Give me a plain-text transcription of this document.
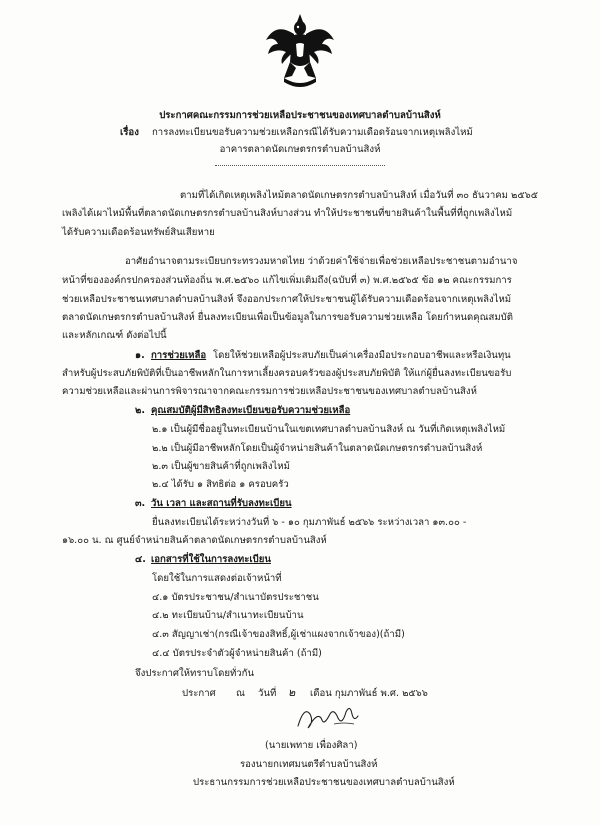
ประกาศคณะกรรมการช่วยเหลือประชาชนของเทศบาลตำบลบ้านสิงห์
เรื่อง การลงทะเบียนขอรับความช่วยเหลือกรณีได้รับความเดือดร้อนจากเหตุเพลิงไหม้
อาคารตลาดนัดเกษตรกรตำบลบ้านสิงห์
ตามที่ได้เกิดเหตุเพลิงไหม้ตลาดนัดเกษตรกรตำบลบ้านสิงห์ เมื่อวันที่ ๓๐ ธันวาคม ๒๕๖๕
เพลิงได้เผาไหม้พื้นที่ตลาดนัดเกษตรกรตำบลบ้านสิงห์บางส่วน ทำให้ประชาชนที่ขายสินค้าในพื้นที่ที่ถูกเพลิงไหม้
ได้รับความเดือดร้อนทรัพย์สินเสียหาย
อาศัยอำนาจตามระเบียบกระทรวงมหาดไทย ว่าด้วยค่าใช้จ่ายเพื่อช่วยเหลือประชาชนตามอำนาจ
หน้าที่ขององค์กรปกครองส่วนท้องถิ่น พ.ศ.๒๕๖๐ แก้ไขเพิ่มเติมถึง(ฉบับที่ ๓) พ.ศ.๒๕๖๕ ข้อ ๑๒ คณะกรรมการ
ช่วยเหลือประชาชนเทศบาลตำบลบ้านสิงห์ จึงออกประกาศให้ประชาชนผู้ได้รับความเดือดร้อนจากเหตุเพลิงไหม้
ตลาดนัดเกษตรกรตำบลบ้านสิงห์ ยื่นลงทะเบียนเพื่อเป็นข้อมูลในการขอรับความช่วยเหลือ โดยกำหนดคุณสมบัติ
และหลักเกณฑ์ ดังต่อไปนี้
๑. การช่วยเหลือ โดยให้ช่วยเหลือผู้ประสบภัยเป็นค่าเครื่องมือประกอบอาชีพและหรือเงินทุน
สำหรับผู้ประสบภัยพิบัติที่เป็นอาชีพหลักในการหาเลี้ยงครอบครัวของผู้ประสบภัยพิบัติ ให้แก่ผู้ยื่นลงทะเบียนขอรับ
ความช่วยเหลือและผ่านการพิจารณาจากคณะกรรมการช่วยเหลือประชาชนของเทศบาลตำบลบ้านสิงห์
๒. คุณสมบัติผู้มีสิทธิลงทะเบียนขอรับความช่วยเหลือ
๒.๑ เป็นผู้มีชื่ออยู่ในทะเบียนบ้านในเขตเทศบาลตำบลบ้านสิงห์ ณ วันที่เกิดเหตุเพลิงไหม้
๒.๒ เป็นผู้มีอาชีพหลักโดยเป็นผู้จำหน่ายสินค้าในตลาดนัดเกษตรกรตำบลบ้านสิงห์
๒.๓ เป็นผู้ขายสินค้าที่ถูกเพลิงไหม้
๒.๔ ได้รับ ๑ สิทธิต่อ ๑ ครอบครัว
๓. วัน เวลา และสถานที่รับลงทะเบียน
ยื่นลงทะเบียนได้ระหว่างวันที่ ๖ - ๑๐ กุมภาพันธ์ ๒๕๖๖ ระหว่างเวลา ๑๓.๐๐ -
๑๖.๐๐ น. ณ ศูนย์จำหน่ายสินค้าตลาดนัดเกษตรกรตำบลบ้านสิงห์
๔. เอกสารที่ใช้ในการลงทะเบียน
โดยใช้ในการแสดงต่อเจ้าหน้าที่
๔.๑ บัตรประชาชน/สำเนาบัตรประชาชน
๔.๒ ทะเบียนบ้าน/สำเนาทะเบียนบ้าน
๔.๓ สัญญาเช่า(กรณีเจ้าของสิทธิ์,ผู้เช่าแผงจากเจ้าของ)(ถ้ามี)
๔.๔ บัตรประจำตัวผู้จำหน่ายสินค้า (ถ้ามี)
จึงประกาศให้ทราบโดยทั่วกัน
ประกาศ ณ วันที่ ๒ เดือน กุมภาพันธ์ พ.ศ. ๒๕๖๖
(นายเพทาย เพื่องศิลา)
รองนายกเทศมนตรีตำบลบ้านสิงห์
ประธานกรรมการช่วยเหลือประชาชนของเทศบาลตำบลบ้านสิงห์
